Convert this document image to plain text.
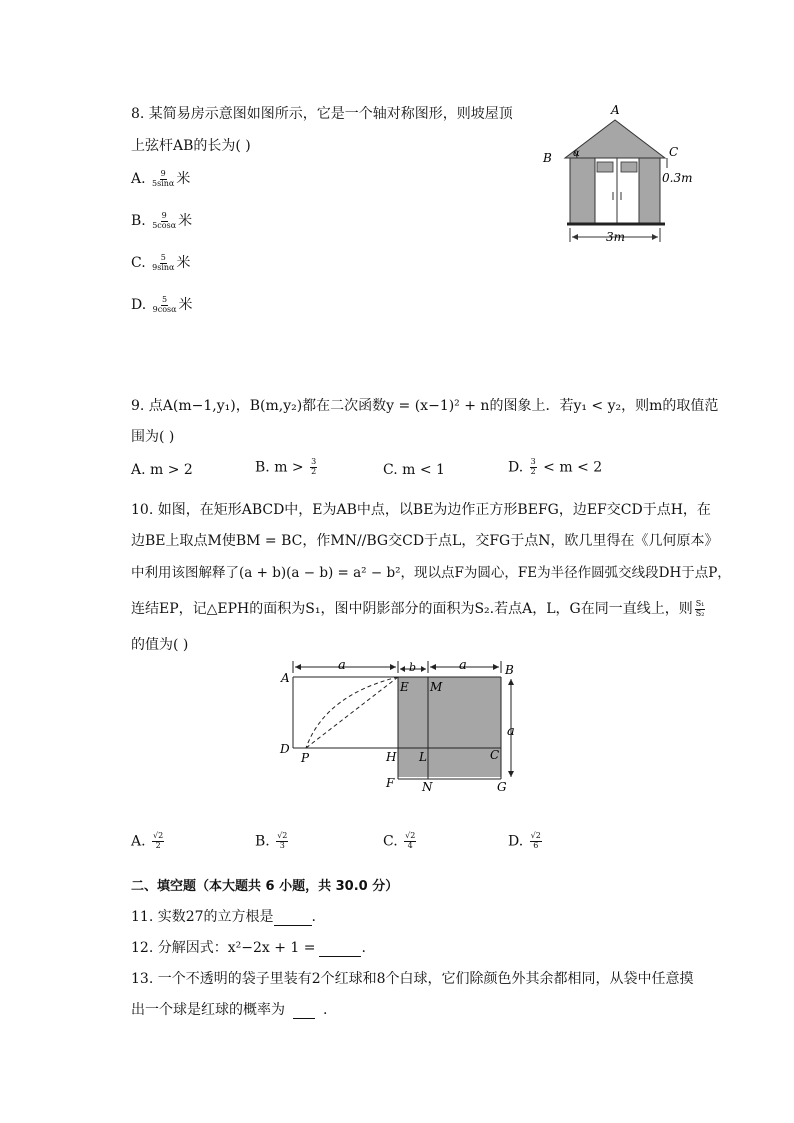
8. 某简易房示意图如图所示，它是一个轴对称图形，则坡屋顶
上弦杆AB的长为( )
A. $\frac{9}{5\sin\alpha}$ 米
B. $\frac{9}{5\cos\alpha}$ 米
C. $\frac{5}{9\sin\alpha}$ 米
D. $\frac{5}{9\cos\alpha}$ 米
A
B	C
α
0.3m
3m
9. 点A(m−1,y₁)，B(m,y₂)都在二次函数y = (x−1)² + n的图象上．若y₁ < y₂，则m的取值范
围为( )
A. m > 2	B. $m > \frac{3}{2}$	C. m < 1	D. $\frac{3}{2} < m < 2$
10. 如图，在矩形ABCD中，E为AB中点，以BE为边作正方形BEFG，边EF交CD于点H，在
边BE上取点M使BM = BC，作MN//BG交CD于点L，交FG于点N，欧几里得在《几何原本》
中利用该图解释了(a + b)(a − b) = a² − b²，现以点F为圆心，FE为半径作圆弧交线段DH于点P，
连结EP，记△EPH的面积为S₁，图中阴影部分的面积为S₂.若点A，L，G在同一直线上，则 $\frac{\text{S₁}}{\text{S₂}}$
的值为( )
a	b	a
a
A
B
C
D
E
F	G
H L
M
N
P
A. $\frac{√2}{2}$	B. $\frac{√2}{3}$	C. $\frac{√2}{4}$	D. $\frac{√2}{6}$
二、填空题（本大题共 6 小题，共 30.0 分）
11. 实数27的立方根是	.
12. 分解因式：x²−2x + 1 =	.
13. 一个不透明的袋子里装有2个红球和8个白球，它们除颜色外其余都相同，从袋中任意摸
出一个球是红球的概率为	.
